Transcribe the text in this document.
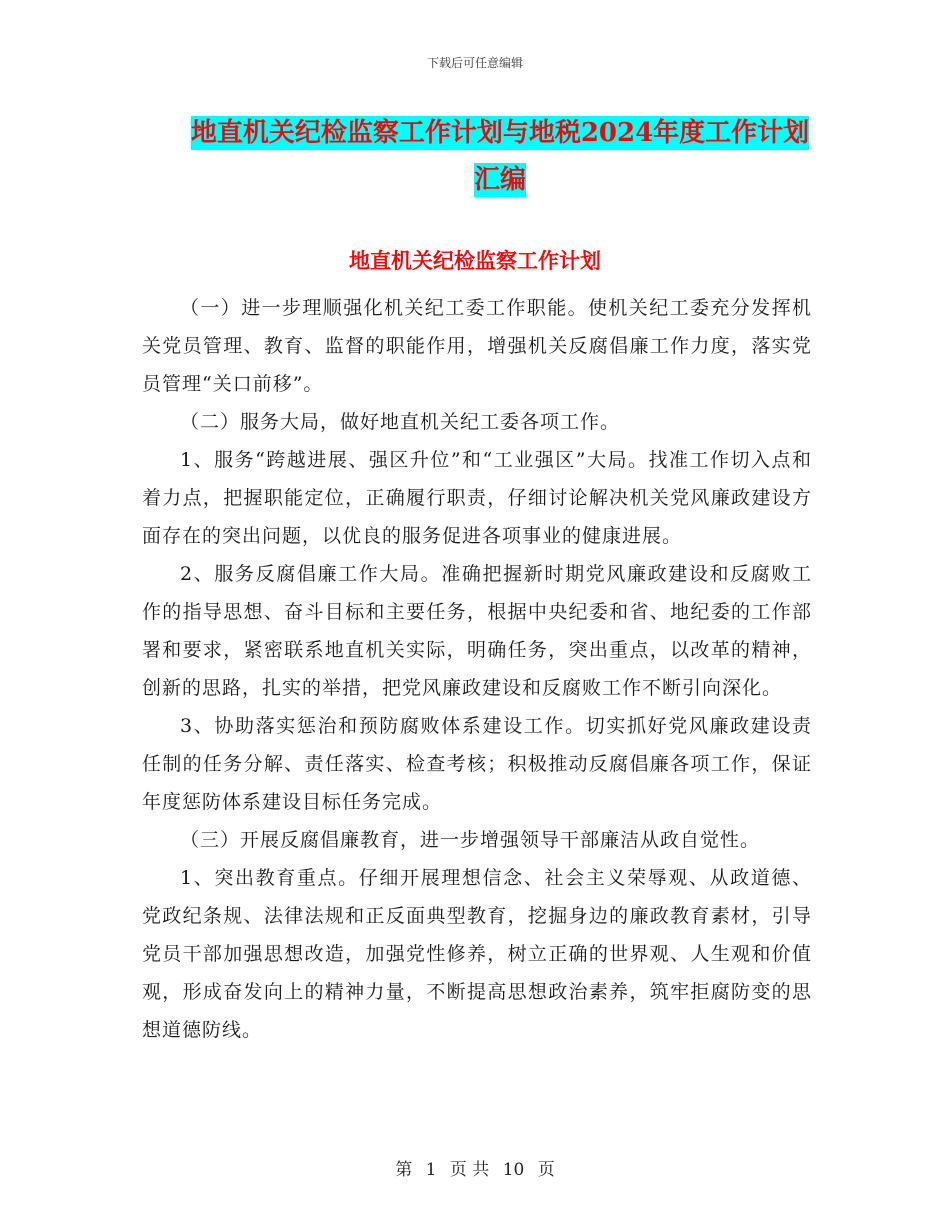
下载后可任意编辑
地直机关纪检监察工作计划与地税2024年度工作计划
汇编
地直机关纪检监察工作计划

（一）进一步理顺强化机关纪工委工作职能。使机关纪工委充分发挥机关党员管理、教育、监督的职能作用，增强机关反腐倡廉工作力度，落实党员管理“关口前移”。

（二）服务大局，做好地直机关纪工委各项工作。

1、服务“跨越进展、强区升位”和“工业强区”大局。找准工作切入点和着力点，把握职能定位，正确履行职责，仔细讨论解决机关党风廉政建设方面存在的突出问题，以优良的服务促进各项事业的健康进展。

2、服务反腐倡廉工作大局。准确把握新时期党风廉政建设和反腐败工作的指导思想、奋斗目标和主要任务，根据中央纪委和省、地纪委的工作部署和要求，紧密联系地直机关实际，明确任务，突出重点，以改革的精神，创新的思路，扎实的举措，把党风廉政建设和反腐败工作不断引向深化。

3、协助落实惩治和预防腐败体系建设工作。切实抓好党风廉政建设责任制的任务分解、责任落实、检查考核；积极推动反腐倡廉各项工作，保证年度惩防体系建设目标任务完成。

（三）开展反腐倡廉教育，进一步增强领导干部廉洁从政自觉性。

1、突出教育重点。仔细开展理想信念、社会主义荣辱观、从政道德、党政纪条规、法律法规和正反面典型教育，挖掘身边的廉政教育素材，引导党员干部加强思想改造，加强党性修养，树立正确的世界观、人生观和价值观，形成奋发向上的精神力量，不断提高思想政治素养，筑牢拒腐防变的思想道德防线。

第 1 页 共 10 页
